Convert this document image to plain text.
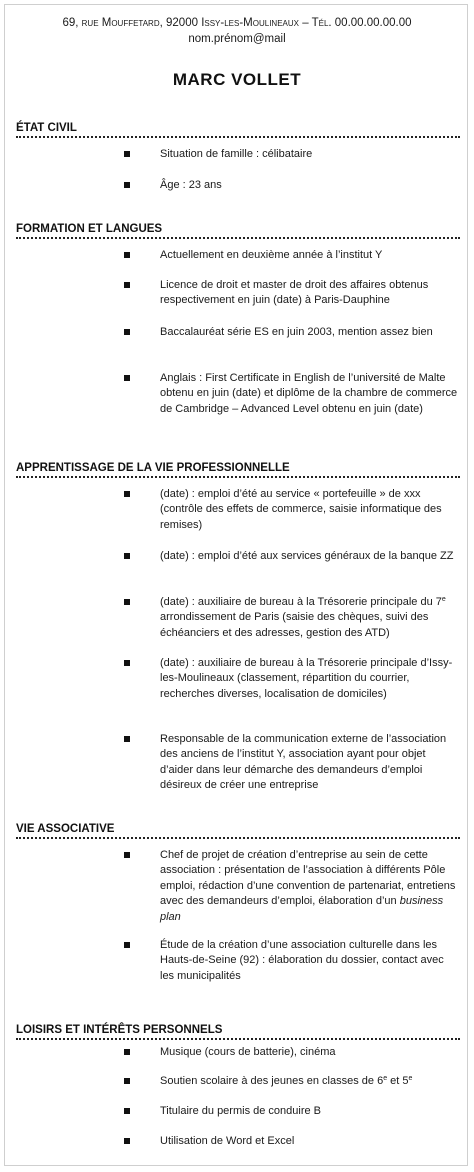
69, rue Mouffetard, 92000 Issy-les-Moulineaux – Tél. 00.00.00.00.00
nom.prénom@mail
MARC VOLLET
ÉTAT CIVIL
Situation de famille : célibataire
Âge : 23 ans
FORMATION ET LANGUES
Actuellement en deuxième année à l’institut Y
Licence de droit et master de droit des affaires obtenus respectivement en juin (date) à Paris-Dauphine
Baccalauréat série ES en juin 2003, mention assez bien
Anglais : First Certificate in English de l’université de Malte obtenu en juin (date) et diplôme de la chambre de commerce de Cambridge – Advanced Level obtenu en juin (date)
APPRENTISSAGE DE LA VIE PROFESSIONNELLE
(date) : emploi d’été au service « portefeuille » de xxx (contrôle des effets de commerce, saisie informatique des remises)
(date) : emploi d’été aux services généraux de la banque ZZ
(date) : auxiliaire de bureau à la Trésorerie principale du 7e arrondissement de Paris (saisie des chèques, suivi des échéanciers et des adresses, gestion des ATD)
(date) : auxiliaire de bureau à la Trésorerie principale d’Issy-les-Moulineaux (classement, répartition du courrier, recherches diverses, localisation de domiciles)
Responsable de la communication externe de l’association des anciens de l’institut Y, association ayant pour objet d’aider dans leur démarche des demandeurs d’emploi désireux de créer une entreprise
VIE ASSOCIATIVE
Chef de projet de création d’entreprise au sein de cette association : présentation de l’association à différents Pôle emploi, rédaction d’une convention de partenariat, entretiens avec des demandeurs d’emploi, élaboration d’un business plan
Étude de la création d’une association culturelle dans les Hauts-de-Seine (92) : élaboration du dossier, contact avec les municipalités
LOISIRS ET INTÉRÊTS PERSONNELS
Musique (cours de batterie), cinéma
Soutien scolaire à des jeunes en classes de 6e et 5e
Titulaire du permis de conduire B
Utilisation de Word et Excel
